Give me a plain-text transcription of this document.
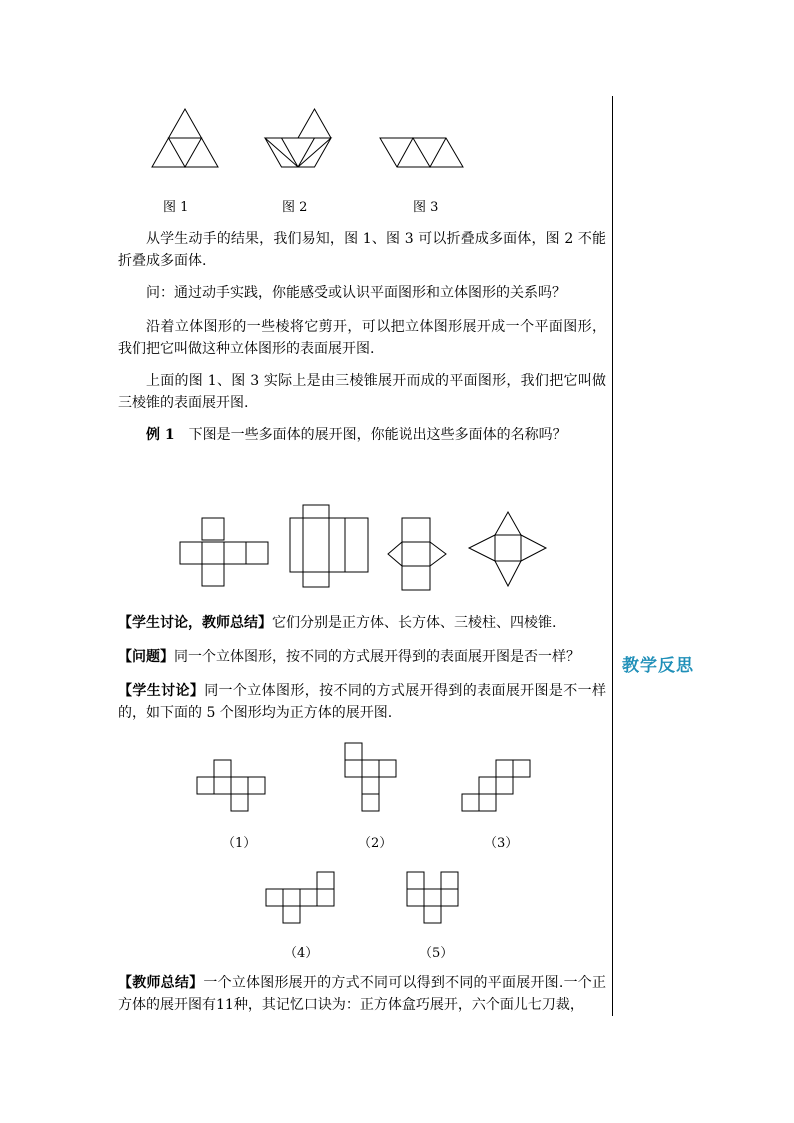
教学反思
图 1	图 2	图 3

从学生动手的结果，我们易知，图 1、图 3 可以折叠成多面体，图 2 不能折叠成多面体.

问：通过动手实践，你能感受或认识平面图形和立体图形的关系吗？

沿着立体图形的一些棱将它剪开，可以把立体图形展开成一个平面图形，我们把它叫做这种立体图形的表面展开图.

上面的图 1、图 3 实际上是由三棱锥展开而成的平面图形，我们把它叫做三棱锥的表面展开图.

例 1　下图是一些多面体的展开图，你能说出这些多面体的名称吗？

【学生讨论，教师总结】它们分别是正方体、长方体、三棱柱、四棱锥.

【问题】同一个立体图形，按不同的方式展开得到的表面展开图是否一样？

【学生讨论】同一个立体图形，按不同的方式展开得到的表面展开图是不一样的，如下面的 5 个图形均为正方体的展开图.

（1）	（2）	（3）
（4）	（5）

【教师总结】一个立体图形展开的方式不同可以得到不同的平面展开图.一个正方体的展开图有11种，其记忆口诀为：正方体盒巧展开，六个面儿七刀裁，
